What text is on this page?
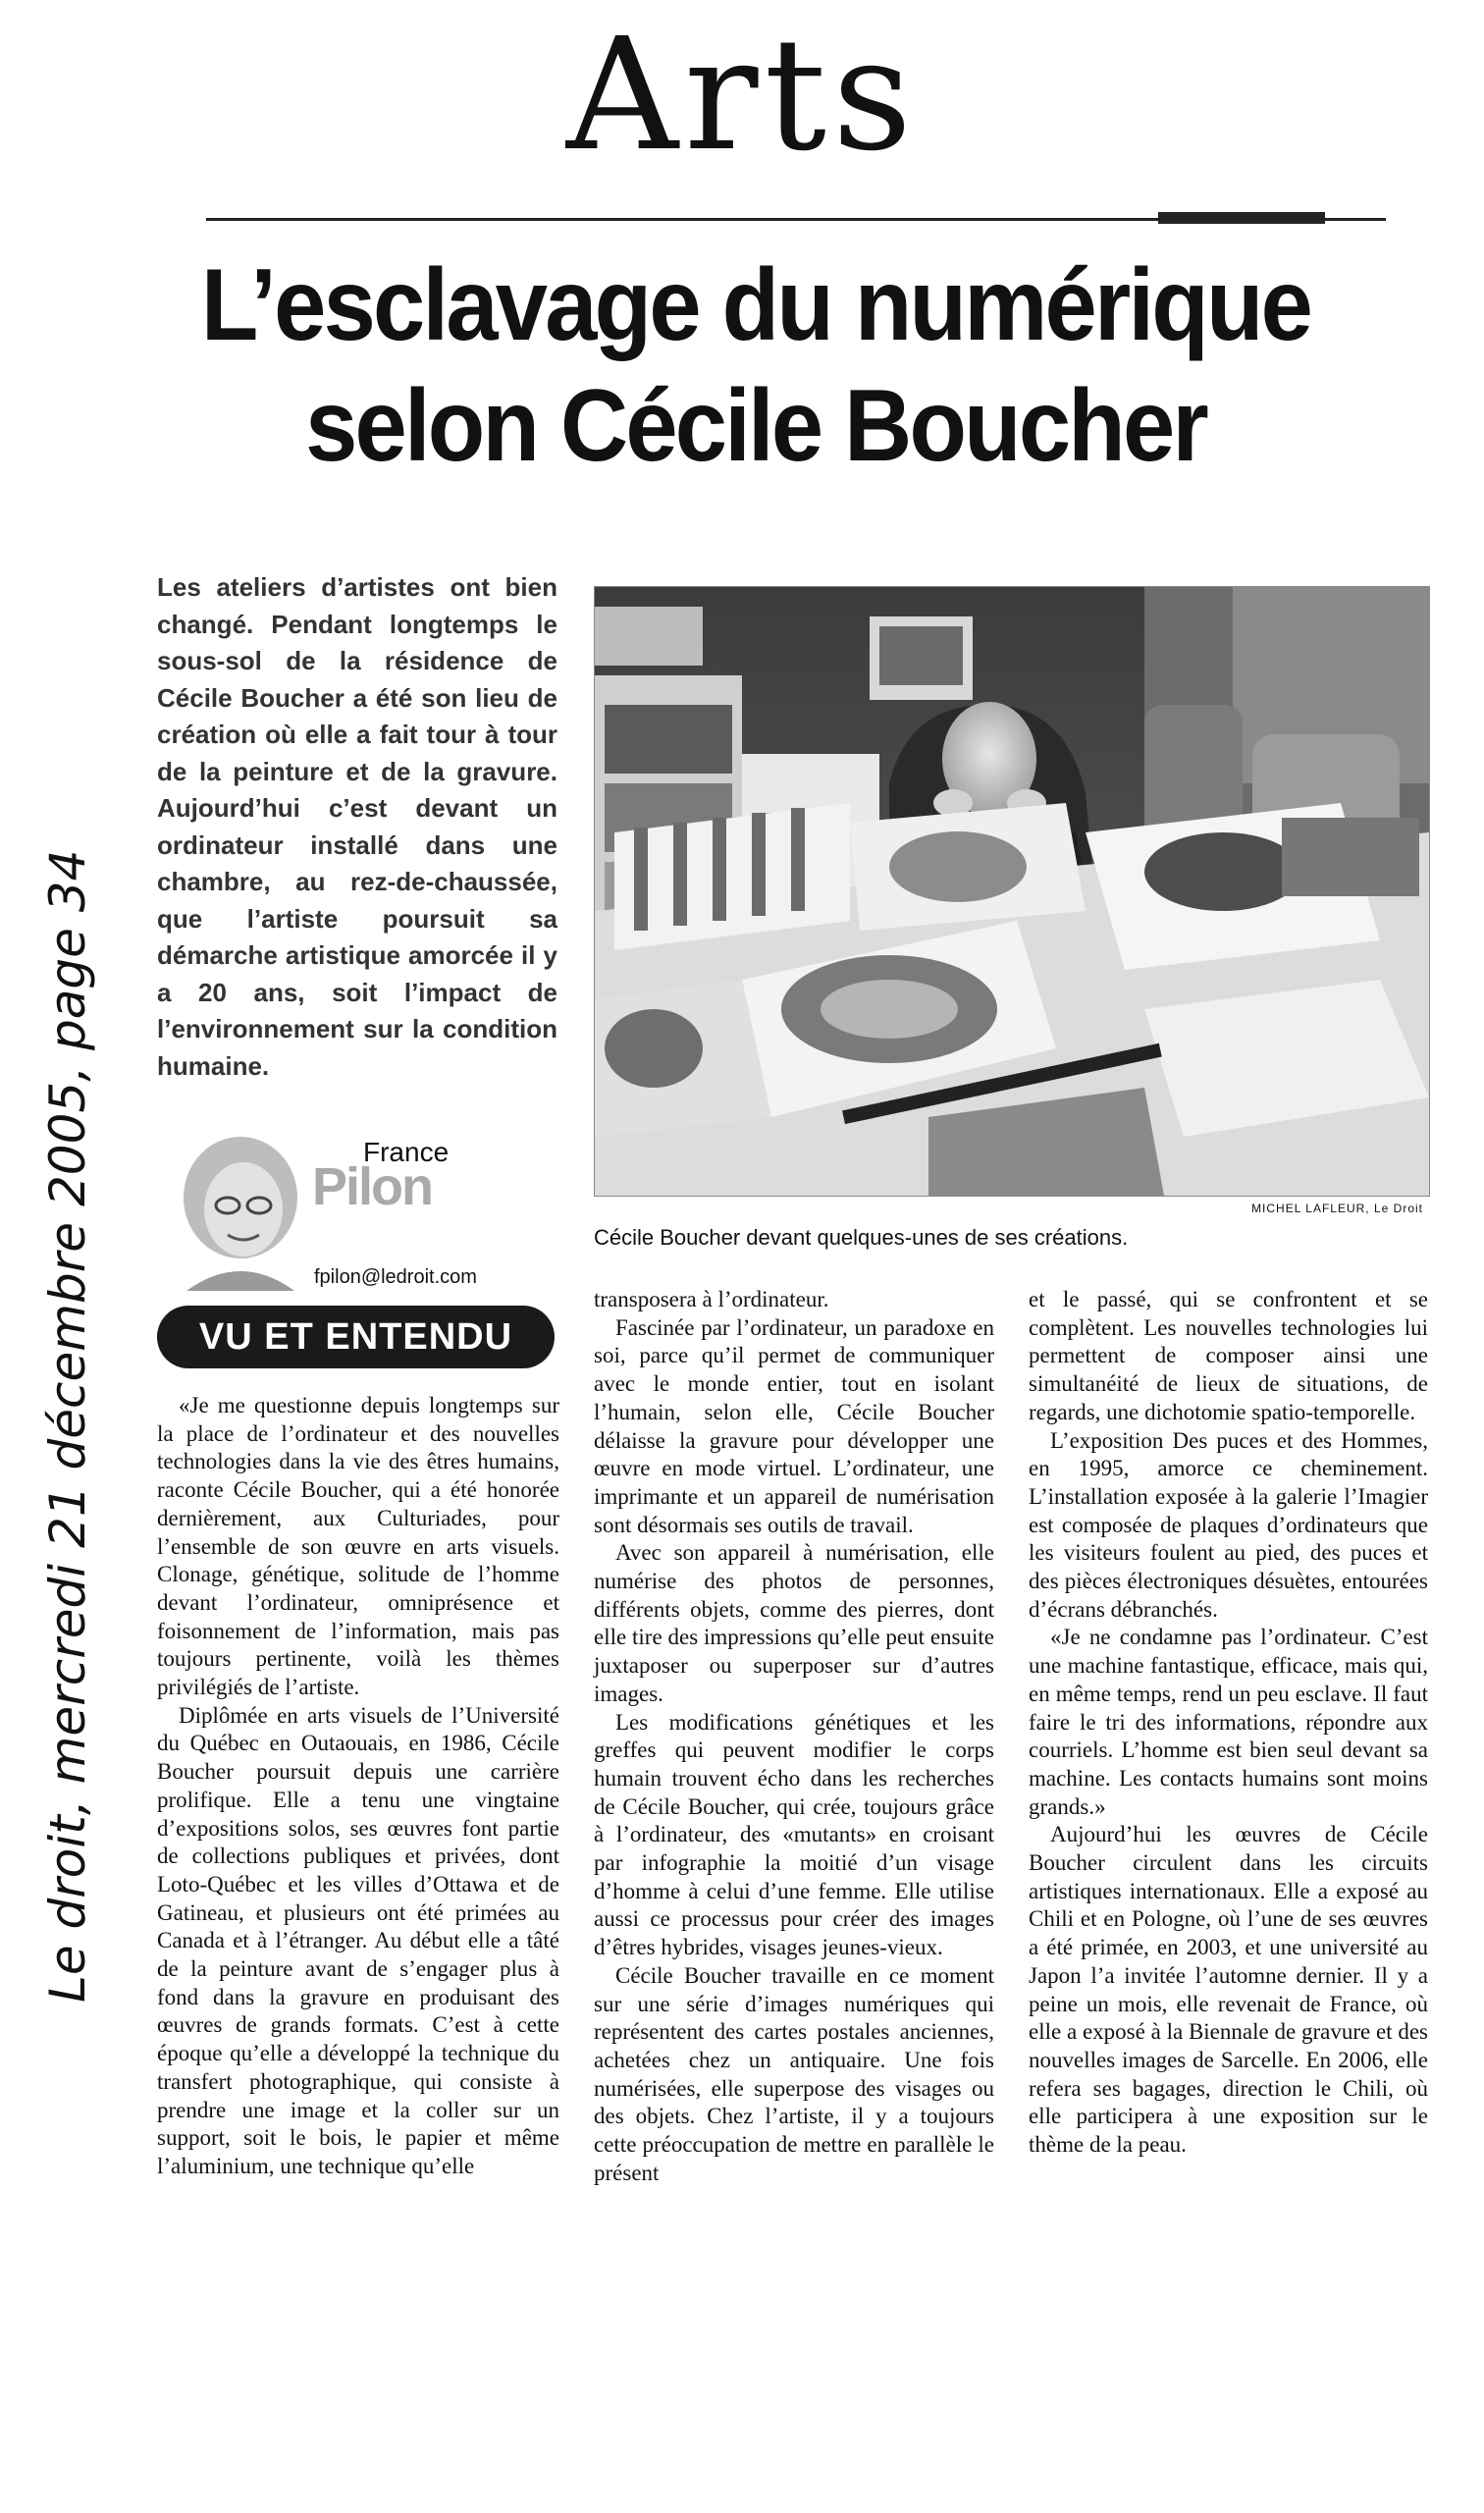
Arts
L’esclavage du numérique
selon Cécile Boucher
Le droit, mercredi 21 décembre 2005, page 34
Les ateliers d’artistes ont bien changé. Pendant longtemps le sous-sol de la résidence de Cécile Boucher a été son lieu de création où elle a fait tour à tour de la peinture et de la gravure. Aujourd’hui c’est devant un ordinateur installé dans une chambre, au rez-de-chaussée, que l’artiste poursuit sa démarche artistique amorcée il y a 20 ans, soit l’impact de l’environnement sur la condition humaine.
MICHEL LAFLEUR, Le Droit
Cécile Boucher devant quelques-unes de ses créations.
France
Pilon
fpilon@ledroit.com
VU ET ENTENDU

«Je me questionne depuis longtemps sur la place de l’ordinateur et des nouvelles technologies dans la vie des êtres humains, raconte Cécile Boucher, qui a été honorée dernièrement, aux Culturiades, pour l’ensemble de son œuvre en arts visuels. Clonage, génétique, solitude de l’homme devant l’ordinateur, omniprésence et foisonnement de l’information, mais pas toujours pertinente, voilà les thèmes privilégiés de l’artiste.

Diplômée en arts visuels de l’Université du Québec en Outaouais, en 1986, Cécile Boucher poursuit depuis une carrière prolifique. Elle a tenu une vingtaine d’expositions solos, ses œuvres font partie de collections publiques et privées, dont Loto-Québec et les villes d’Ottawa et de Gatineau, et plusieurs ont été primées au Canada et à l’étranger. Au début elle a tâté de la peinture avant de s’engager plus à fond dans la gravure en produisant des œuvres de grands formats. C’est à cette époque qu’elle a développé la technique du transfert photographique, qui consiste à prendre une image et la coller sur un support, soit le bois, le papier et même l’aluminium, une technique qu’elle

transposera à l’ordinateur.

Fascinée par l’ordinateur, un paradoxe en soi, parce qu’il permet de communiquer avec le monde entier, tout en isolant l’humain, selon elle, Cécile Boucher délaisse la gravure pour développer une œuvre en mode virtuel. L’ordinateur, une imprimante et un appareil de numérisation sont désormais ses outils de travail.

Avec son appareil à numérisation, elle numérise des photos de personnes, différents objets, comme des pierres, dont elle tire des impressions qu’elle peut ensuite juxtaposer ou superposer sur d’autres images.

Les modifications génétiques et les greffes qui peuvent modifier le corps humain trouvent écho dans les recherches de Cécile Boucher, qui crée, toujours grâce à l’ordinateur, des «mutants» en croisant par infographie la moitié d’un visage d’homme à celui d’une femme. Elle utilise aussi ce processus pour créer des images d’êtres hybrides, visages jeunes-vieux.

Cécile Boucher travaille en ce moment sur une série d’images numériques qui représentent des cartes postales anciennes, achetées chez un antiquaire. Une fois numérisées, elle superpose des visages ou des objets. Chez l’artiste, il y a toujours cette préoccupation de mettre en parallèle le présent

et le passé, qui se confrontent et se complètent. Les nouvelles technologies lui permettent de composer ainsi une simultanéité de lieux de situations, de regards, une dichotomie spatio-temporelle.

L’exposition Des puces et des Hommes, en 1995, amorce ce cheminement. L’installation exposée à la galerie l’Imagier est composée de plaques d’ordinateurs que les visiteurs foulent au pied, des puces et des pièces électroniques désuètes, entourées d’écrans débranchés.

«Je ne condamne pas l’ordinateur. C’est une machine fantastique, efficace, mais qui, en même temps, rend un peu esclave. Il faut faire le tri des informations, répondre aux courriels. L’homme est bien seul devant sa machine. Les contacts humains sont moins grands.»

Aujourd’hui les œuvres de Cécile Boucher circulent dans les circuits artistiques internationaux. Elle a exposé au Chili et en Pologne, où l’une de ses œuvres a été primée, en 2003, et une université au Japon l’a invitée l’automne dernier. Il y a peine un mois, elle revenait de France, où elle a exposé à la Biennale de gravure et des nouvelles images de Sarcelle. En 2006, elle refera ses bagages, direction le Chili, où elle participera à une exposition sur le thème de la peau.
